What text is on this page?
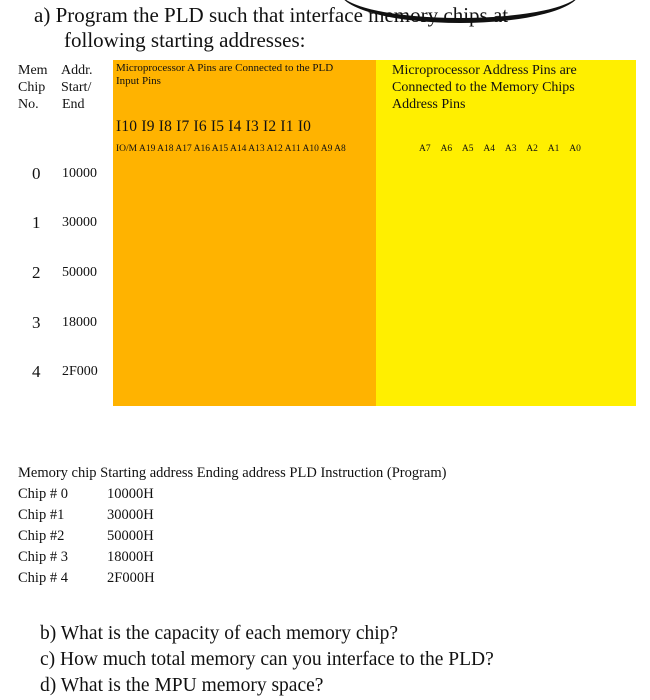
a) Program the PLD such that interface memory chips at
following starting addresses:
Mem
Chip
No.
Addr.
Start/
End
Microprocessor A Pins are Connected to the PLD
Input Pins
Microprocessor Address Pins are
Connected to the Memory Chips
Address Pins
I10 I9 I8 I7 I6 I5 I4 I3 I2 I1 I0
IO/M A19 A18 A17 A16 A15 A14 A13 A12 A11 A10 A9 A8	A7 A6 A5 A4 A3 A2 A1 A0
0 10000
1 30000
2 50000
3 18000
4 2F000
Memory chip Starting address Ending address PLD Instruction (Program)
Chip # 0	10000H
Chip #1	30000H
Chip #2	50000H
Chip # 3	18000H
Chip # 4	2F000H
b) What is the capacity of each memory chip?
c) How much total memory can you interface to the PLD?
d) What is the MPU memory space?
